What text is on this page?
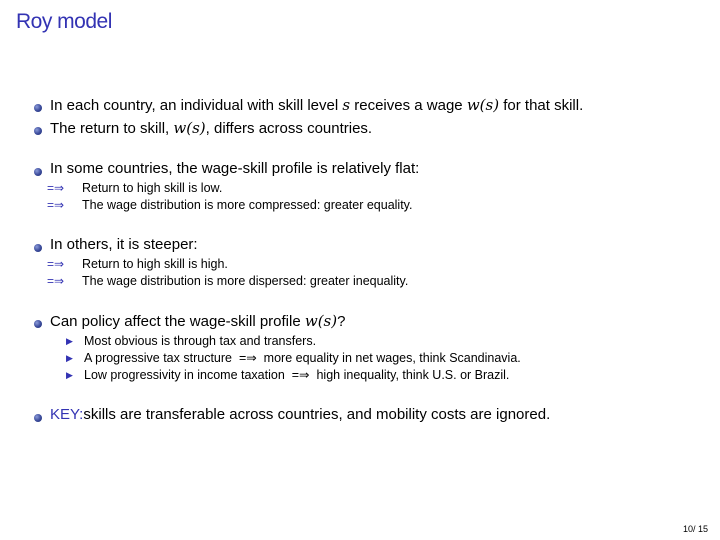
Roy model
In each country, an individual with skill level s receives a wage w(s) for that skill.
The return to skill, w(s), differs across countries.
In some countries, the wage-skill profile is relatively flat:
=⇒ Return to high skill is low.
=⇒ The wage distribution is more compressed: greater equality.
In others, it is steeper:
=⇒ Return to high skill is high.
=⇒ The wage distribution is more dispersed: greater inequality.
Can policy affect the wage-skill profile w(s)?
▶ Most obvious is through tax and transfers.
▶ A progressive tax structure =⇒ more equality in net wages, think Scandinavia.
▶ Low progressivity in income taxation =⇒ high inequality, think U.S. or Brazil.
KEY:skills are transferable across countries, and mobility costs are ignored.
10/ 15
